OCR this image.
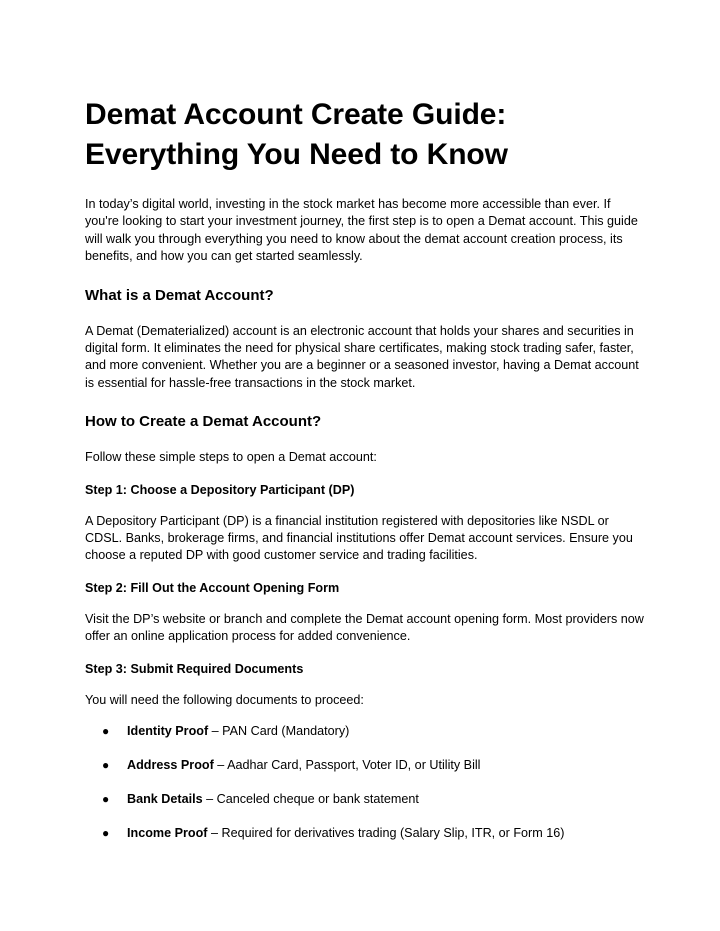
Demat Account Create Guide:
Everything You Need to Know

In today’s digital world, investing in the stock market has become more accessible than ever. If you're looking to start your investment journey, the first step is to open a Demat account. This guide will walk you through everything you need to know about the demat account creation process, its benefits, and how you can get started seamlessly.

What is a Demat Account?

A Demat (Dematerialized) account is an electronic account that holds your shares and securities in digital form. It eliminates the need for physical share certificates, making stock trading safer, faster, and more convenient. Whether you are a beginner or a seasoned investor, having a Demat account is essential for hassle-free transactions in the stock market.

How to Create a Demat Account?

Follow these simple steps to open a Demat account:

Step 1: Choose a Depository Participant (DP)

A Depository Participant (DP) is a financial institution registered with depositories like NSDL or CDSL. Banks, brokerage firms, and financial institutions offer Demat account services. Ensure you choose a reputed DP with good customer service and trading facilities.

Step 2: Fill Out the Account Opening Form

Visit the DP’s website or branch and complete the Demat account opening form. Most providers now offer an online application process for added convenience.

Step 3: Submit Required Documents

You will need the following documents to proceed:

● Identity Proof – PAN Card (Mandatory)
● Address Proof – Aadhar Card, Passport, Voter ID, or Utility Bill
● Bank Details – Canceled cheque or bank statement
● Income Proof – Required for derivatives trading (Salary Slip, ITR, or Form 16)
